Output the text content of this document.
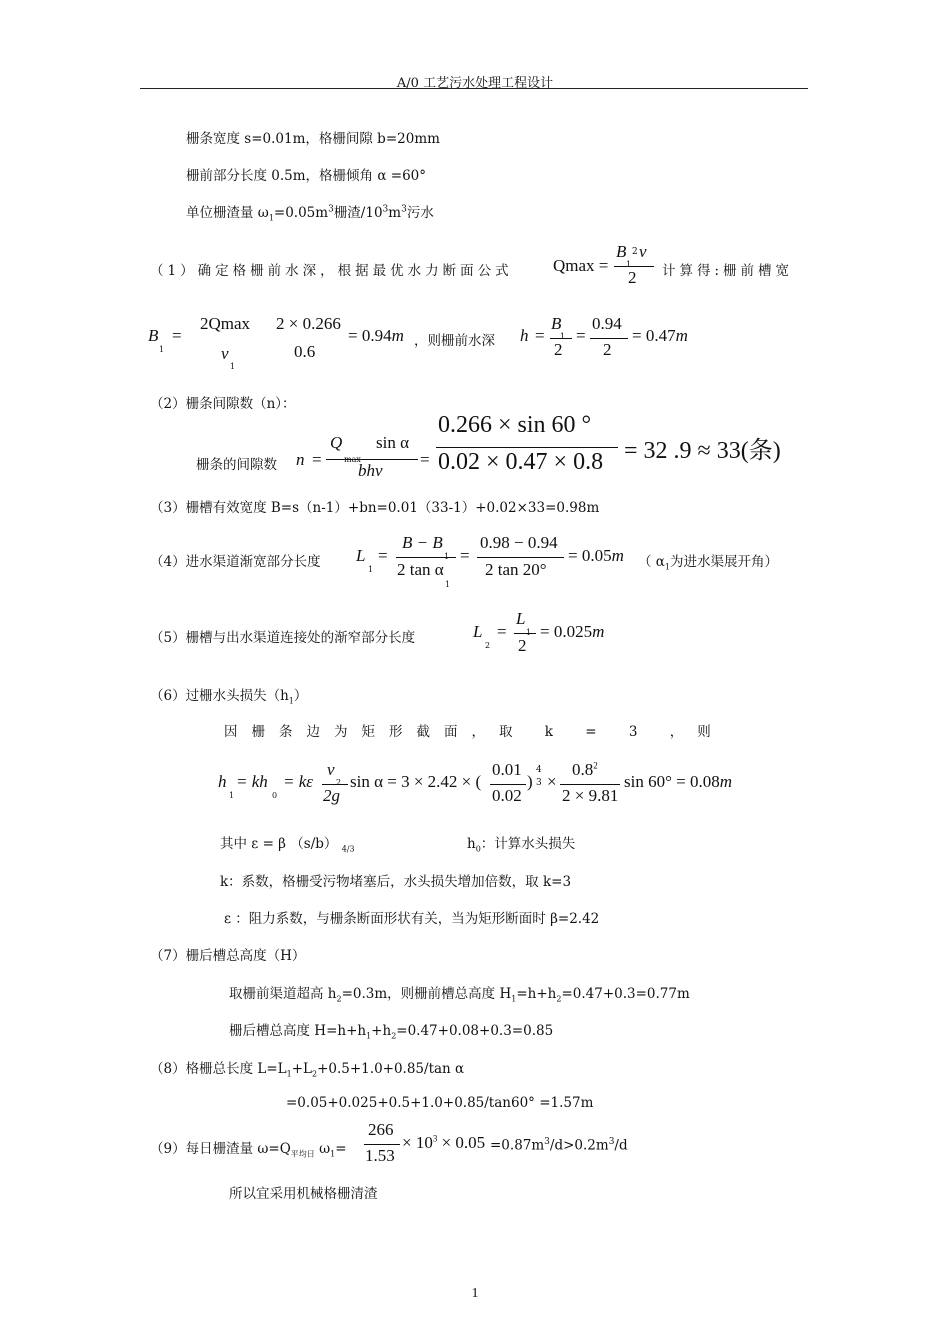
A/0 工艺污水处理工程设计
栅条宽度 s=0.01m，格栅间隙 b=20mm
栅前部分长度 0.5m，格栅倾角 α =60°
单位栅渣量 $\omega_1=0.05m^3$栅渣$/10^3m^3$污水
（1）确定格栅前水深，根据最优水力断面公式 Qmax =
B 2 v
1
2 计算得:栅前槽宽
B
1
=
2Qmax
v
1
2 × 0.266
0.6
= 0.94m ，则栅前水深 h =
B
1
2
=
0.94
2
= 0.47m
（2）栅条间隙数（n）：
栅条的间隙数 n =
Q
max
sin α
bhv
=
0.266 × sin 60 °
0.02 × 0.47 × 0.8 = 32 .9 ≈ 33(条)
（3）栅槽有效宽度 B=s（n-1）+bn=0.01（33-1）+0.02×33=0.98m
（4）进水渠道渐宽部分长度 L
1
=
B − B
1
2 tan α
1
=
0.98 − 0.94
2 tan 20°
= 0.05m （ $\alpha_1$为进水渠展开角）
（5）栅槽与出水渠道连接处的渐窄部分长度	L
2
=
L
1
2
= 0.025m
（6）过栅水头损失$(h_1)$
因栅条边为矩形截面，取 k = 3 ，则
h
1
= kh
0
= kε
v
2
2g
sin α = 3 × 2.42 × (
0.01
0.02
)
4
3 ×
$0.8^2$
2 × 9.81
sin 60° = 0.08m
其中 ε = β （s/b） $_{4/3}$	$h_0$：计算水头损失
k：系数，格栅受污物堵塞后，水头损失增加倍数，取 k=3
ε ：阻力系数，与栅条断面形状有关，当为矩形断面时 β=2.42
（7）栅后槽总高度（H）
取栅前渠道超高 $h_2=0.3m$，则栅前槽总高度 $H_1=h+h_2=0.47+0.3=0.77m$
栅后槽总高度 $H=h+h_1+h_2=0.47+0.08+0.3=0.85$
（8）格栅总长度 $L=L_1+L_2+0.5+1.0+0.85/\tan$ α
=0.05+0.025+0.5+1.0+0.85/tan60° =1.57m
（9）每日栅渣量 $\omega=Q_{平均日}$ $\omega_1=$
266
1.53
× $10^3 \times 0.05 =0.87m^3/d>0.2m^3/d$
所以宜采用机械格栅清渣
1
